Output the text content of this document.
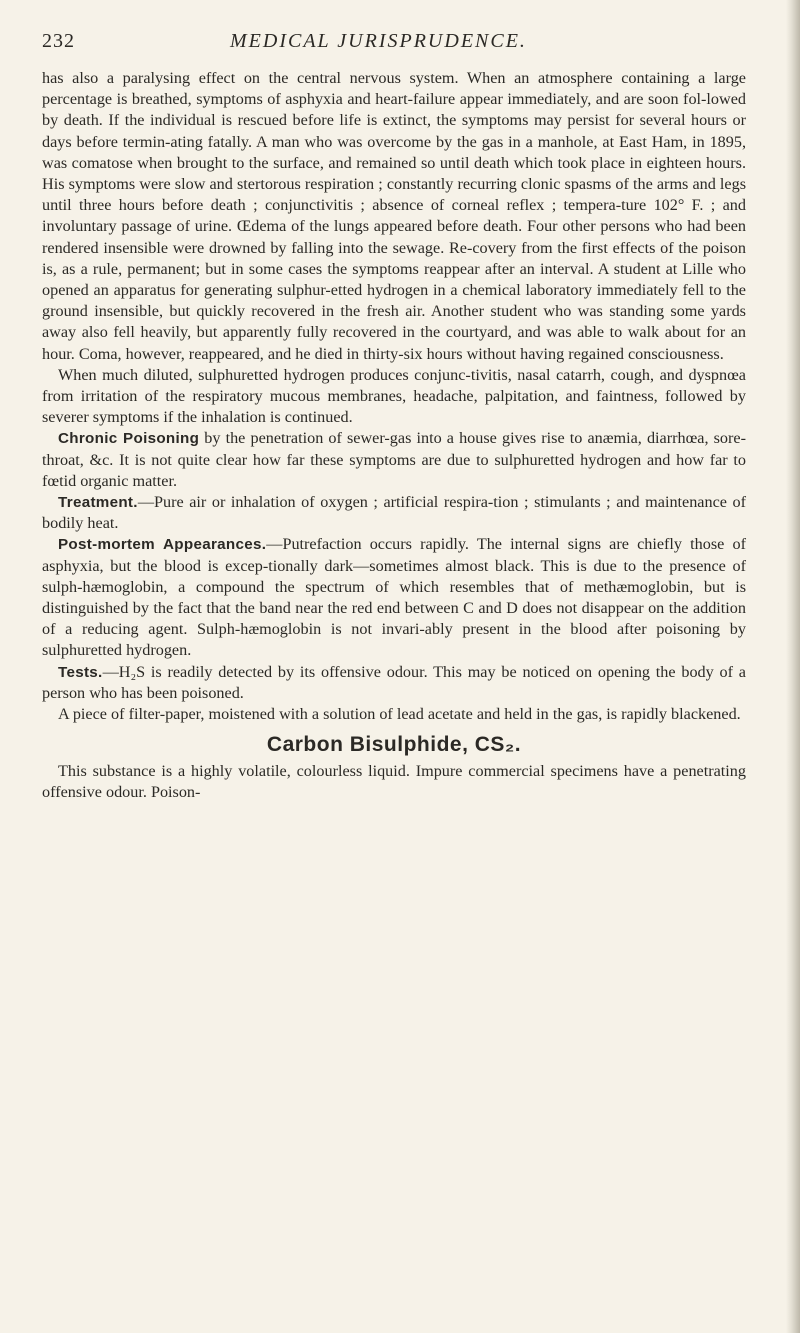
232	MEDICAL JURISPRUDENCE.

has also a paralysing effect on the central nervous system. When an atmosphere containing a large percentage is breathed, symptoms of asphyxia and heart-failure appear immediately, and are soon fol-lowed by death. If the individual is rescued before life is extinct, the symptoms may persist for several hours or days before termin-ating fatally. A man who was overcome by the gas in a manhole, at East Ham, in 1895, was comatose when brought to the surface, and remained so until death which took place in eighteen hours. His symptoms were slow and stertorous respiration ; constantly recurring clonic spasms of the arms and legs until three hours before death ; conjunctivitis ; absence of corneal reflex ; tempera-ture 102° F. ; and involuntary passage of urine. Œdema of the lungs appeared before death. Four other persons who had been rendered insensible were drowned by falling into the sewage. Re-covery from the first effects of the poison is, as a rule, permanent; but in some cases the symptoms reappear after an interval. A student at Lille who opened an apparatus for generating sulphur-etted hydrogen in a chemical laboratory immediately fell to the ground insensible, but quickly recovered in the fresh air. Another student who was standing some yards away also fell heavily, but apparently fully recovered in the courtyard, and was able to walk about for an hour. Coma, however, reappeared, and he died in thirty-six hours without having regained consciousness.

When much diluted, sulphuretted hydrogen produces conjunc-tivitis, nasal catarrh, cough, and dyspnœa from irritation of the respiratory mucous membranes, headache, palpitation, and faintness, followed by severer symptoms if the inhalation is continued.

Chronic Poisoning by the penetration of sewer-gas into a house gives rise to anæmia, diarrhœa, sore-throat, &c. It is not quite clear how far these symptoms are due to sulphuretted hydrogen and how far to fœtid organic matter.

Treatment.—Pure air or inhalation of oxygen ; artificial respira-tion ; stimulants ; and maintenance of bodily heat.

Post-mortem Appearances.—Putrefaction occurs rapidly. The internal signs are chiefly those of asphyxia, but the blood is excep-tionally dark—sometimes almost black. This is due to the presence of sulph-hæmoglobin, a compound the spectrum of which resembles that of methæmoglobin, but is distinguished by the fact that the band near the red end between C and D does not disappear on the addition of a reducing agent. Sulph-hæmoglobin is not invari-ably present in the blood after poisoning by sulphuretted hydrogen.

Tests.—H₂S is readily detected by its offensive odour. This may be noticed on opening the body of a person who has been poisoned.

A piece of filter-paper, moistened with a solution of lead acetate and held in the gas, is rapidly blackened.

Carbon Bisulphide, CS₂.

This substance is a highly volatile, colourless liquid. Impure commercial specimens have a penetrating offensive odour. Poison-
